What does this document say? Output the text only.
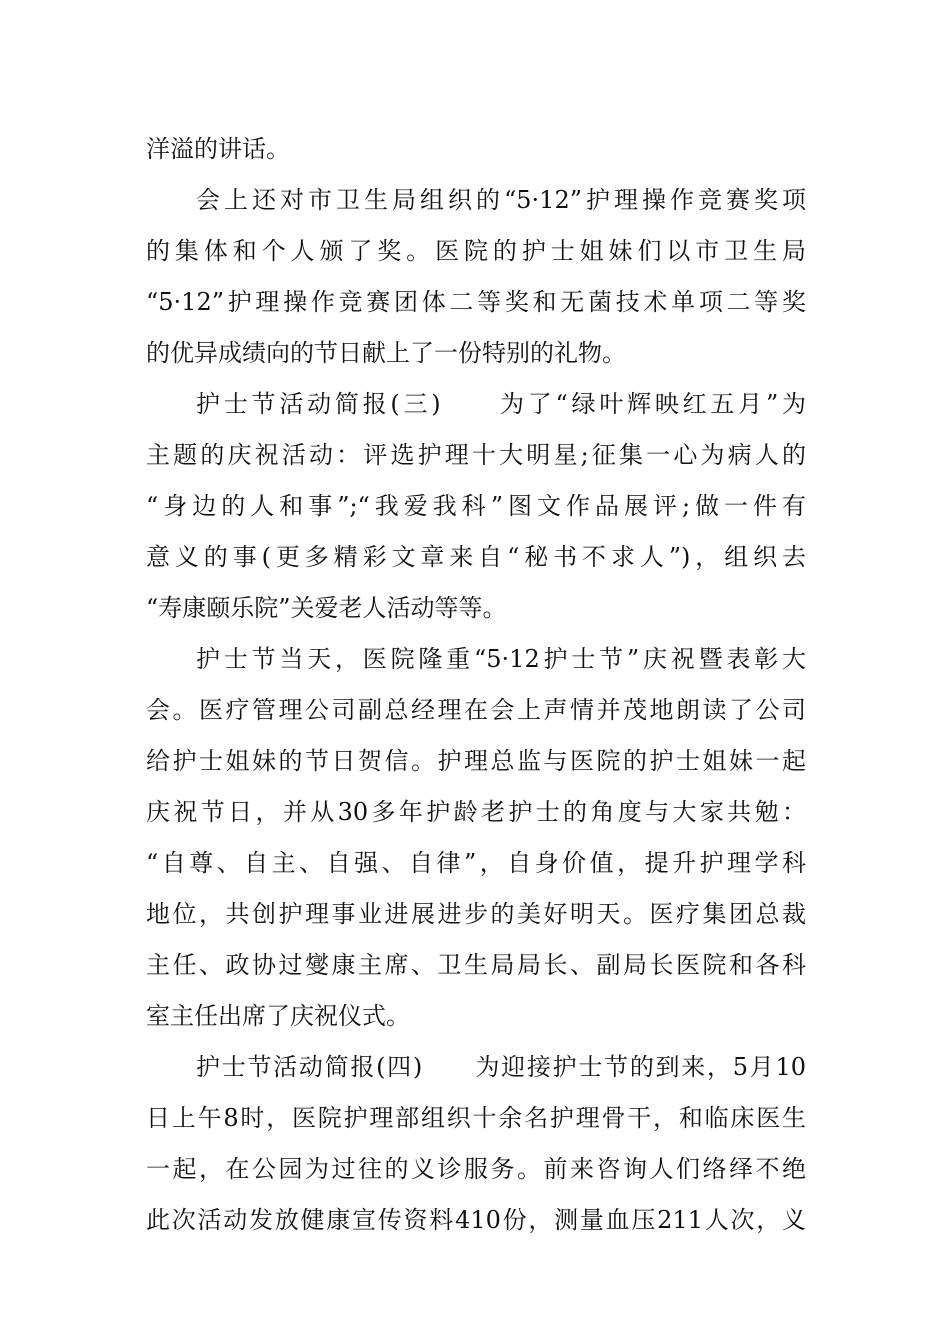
洋溢的讲话。
会上还对市卫生局组织的“5·12”护理操作竞赛奖项
的集体和个人颁了奖。医院的护士姐妹们以市卫生局
“5·12”护理操作竞赛团体二等奖和无菌技术单项二等奖
的优异成绩向的节日献上了一份特别的礼物。
护士节活动简报(三)　　为了“绿叶辉映红五月”为
主题的庆祝活动：评选护理十大明星;征集一心为病人的
“身边的人和事”;“我爱我科”图文作品展评;做一件有
意义的事(更多精彩文章来自“秘书不求人”)，组织去
“寿康颐乐院”关爱老人活动等等。
护士节当天，医院隆重“5·12护士节”庆祝暨表彰大
会。医疗管理公司副总经理在会上声情并茂地朗读了公司
给护士姐妹的节日贺信。护理总监与医院的护士姐妹一起
庆祝节日，并从30多年护龄老护士的角度与大家共勉：
“自尊、自主、自强、自律”，自身价值，提升护理学科
地位，共创护理事业进展进步的美好明天。医疗集团总裁
主任、政协过燮康主席、卫生局局长、副局长医院和各科
室主任出席了庆祝仪式。
护士节活动简报(四)　　为迎接护士节的到来，5月10
日上午8时，医院护理部组织十余名护理骨干，和临床医生
一起，在公园为过往的义诊服务。前来咨询人们络绎不绝
此次活动发放健康宣传资料410份，测量血压211人次，义
